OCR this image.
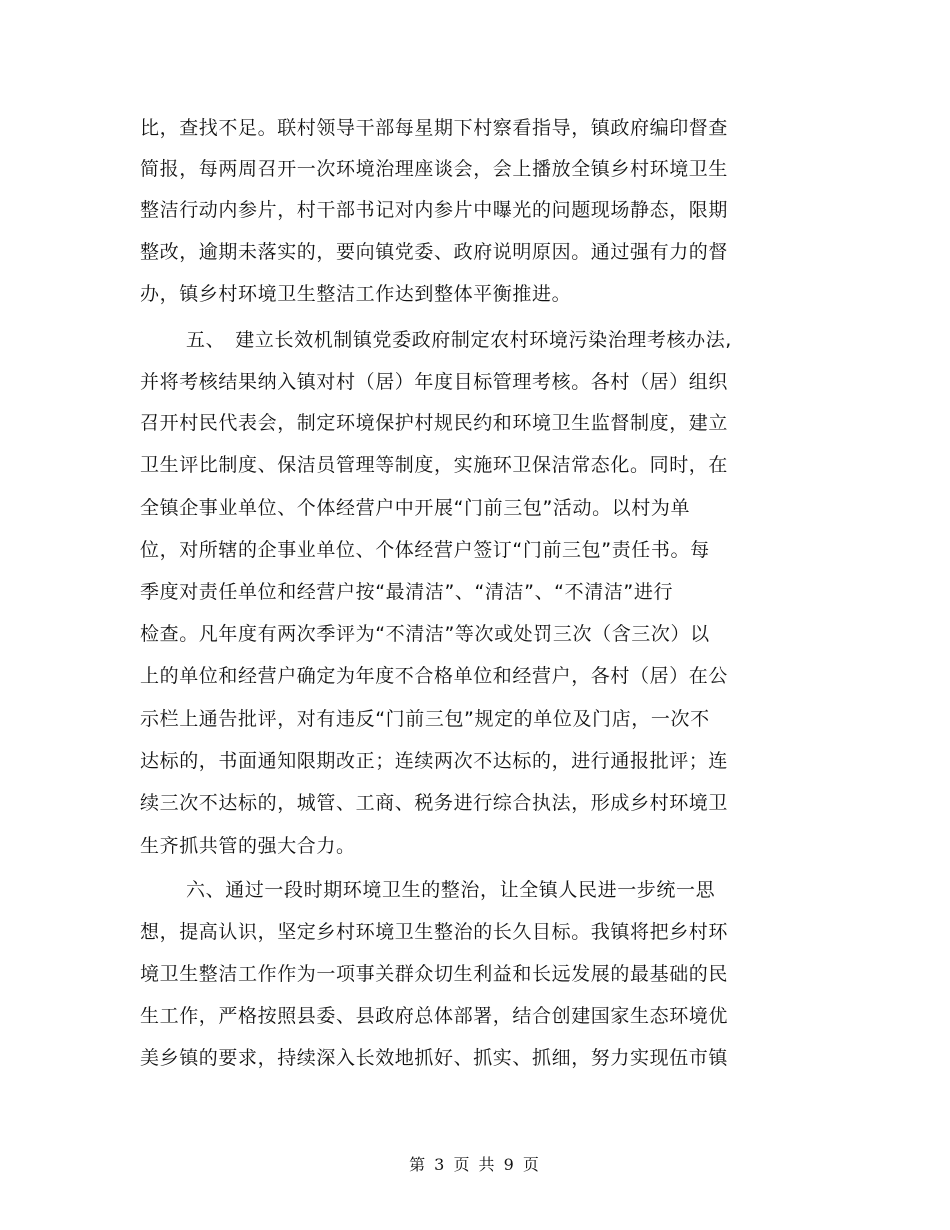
比，查找不足。联村领导干部每星期下村察看指导，镇政府编印督查
简报，每两周召开一次环境治理座谈会，会上播放全镇乡村环境卫生
整洁行动内参片，村干部书记对内参片中曝光的问题现场静态，限期
整改，逾期未落实的，要向镇党委、政府说明原因。通过强有力的督
办，镇乡村环境卫生整洁工作达到整体平衡推进。
五、　建立长效机制镇党委政府制定农村环境污染治理考核办法,
并将考核结果纳入镇对村（居）年度目标管理考核。各村（居）组织
召开村民代表会，制定环境保护村规民约和环境卫生监督制度，建立
卫生评比制度、保洁员管理等制度，实施环卫保洁常态化。同时，在
全镇企事业单位、个体经营户中开展“门前三包”活动。以村为单
位，对所辖的企事业单位、个体经营户签订“门前三包”责任书。每
季度对责任单位和经营户按“最清洁”、“清洁”、“不清洁”进行
检查。凡年度有两次季评为“不清洁”等次或处罚三次（含三次）以
上的单位和经营户确定为年度不合格单位和经营户，各村（居）在公
示栏上通告批评，对有违反“门前三包”规定的单位及门店，一次不
达标的，书面通知限期改正；连续两次不达标的，进行通报批评；连
续三次不达标的，城管、工商、税务进行综合执法，形成乡村环境卫
生齐抓共管的强大合力。
六、通过一段时期环境卫生的整治，让全镇人民进一步统一思
想，提高认识，坚定乡村环境卫生整治的长久目标。我镇将把乡村环
境卫生整洁工作作为一项事关群众切生利益和长远发展的最基础的民
生工作，严格按照县委、县政府总体部署，结合创建国家生态环境优
美乡镇的要求，持续深入长效地抓好、抓实、抓细，努力实现伍市镇
第 3 页 共 9 页
